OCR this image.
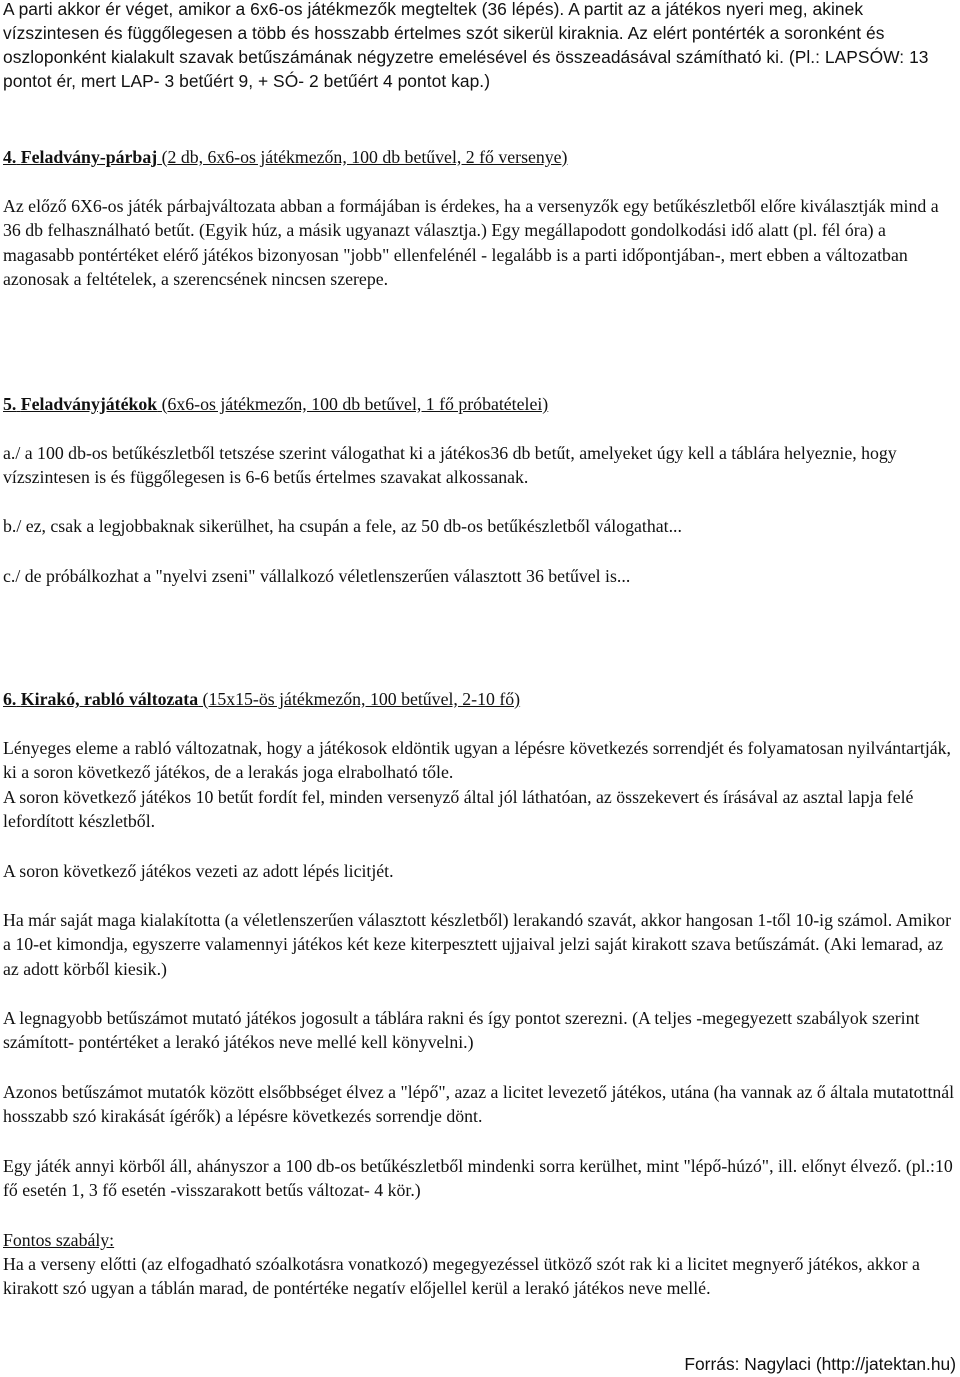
A parti akkor ér véget, amikor a 6x6-os játékmezők megteltek (36 lépés). A partit az a játékos nyeri meg, akinek vízszintesen és függőlegesen a több és hosszabb értelmes szót sikerül kiraknia. Az elért pontérték a soronként és oszloponként kialakult szavak betűszámának négyzetre emelésével és összeadásával számítható ki. (Pl.: LAPSÓW: 13 pontot ér, mert LAP- 3 betűért 9, + SÓ- 2 betűért 4 pontot kap.)

4. Feladvány-párbaj (2 db, 6x6-os játékmezőn, 100 db betűvel, 2 fő versenye)

Az előző 6X6-os játék párbajváltozata abban a formájában is érdekes, ha a versenyzők egy betűkészletből előre kiválasztják mind a 36 db felhasználható betűt. (Egyik húz, a másik ugyanazt választja.) Egy megállapodott gondolkodási idő alatt (pl. fél óra) a magasabb pontértéket elérő játékos bizonyosan "jobb" ellenfelénél - legalább is a parti időpontjában-, mert ebben a változatban azonosak a feltételek, a szerencsének nincsen szerepe.

5. Feladványjátékok (6x6-os játékmezőn, 100 db betűvel, 1 fő próbatételei)

a./ a 100 db-os betűkészletből tetszése szerint válogathat ki a játékos36 db betűt, amelyeket úgy kell a táblára helyeznie, hogy vízszintesen is és függőlegesen is 6-6 betűs értelmes szavakat alkossanak.

b./ ez, csak a legjobbaknak sikerülhet, ha csupán a fele, az 50 db-os betűkészletből válogathat...

c./ de próbálkozhat a "nyelvi zseni" vállalkozó véletlenszerűen választott 36 betűvel is...

6. Kirakó, rabló változata (15x15-ös játékmezőn, 100 betűvel, 2-10 fő)

Lényeges eleme a rabló változatnak, hogy a játékosok eldöntik ugyan a lépésre következés sorrendjét és folyamatosan nyilvántartják, ki a soron következő játékos, de a lerakás joga elrabolható tőle.

A soron következő játékos 10 betűt fordít fel, minden versenyző által jól láthatóan, az összekevert és írásával az asztal lapja felé lefordított készletből.

A soron következő játékos vezeti az adott lépés licitjét.

Ha már saját maga kialakította (a véletlenszerűen választott készletből) lerakandó szavát, akkor hangosan 1-től 10-ig számol. Amikor a 10-et kimondja, egyszerre valamennyi játékos két keze kiterpesztett ujjaival jelzi saját kirakott szava betűszámát. (Aki lemarad, az az adott körből kiesik.)

A legnagyobb betűszámot mutató játékos jogosult a táblára rakni és így pontot szerezni. (A teljes -megegyezett szabályok szerint számított- pontértéket a lerakó játékos neve mellé kell könyvelni.)

Azonos betűszámot mutatók között elsőbbséget élvez a "lépő", azaz a licitet levezető játékos, utána (ha vannak az ő általa mutatottnál hosszabb szó kirakását ígérők) a lépésre következés sorrendje dönt.

Egy játék annyi körből áll, ahányszor a 100 db-os betűkészletből mindenki sorra kerülhet, mint "lépő-húzó", ill. előnyt élvező. (pl.:10 fő esetén 1, 3 fő esetén -visszarakott betűs változat- 4 kör.)

Fontos szabály:

Ha a verseny előtti (az elfogadható szóalkotásra vonatkozó) megegyezéssel ütköző szót rak ki a licitet megnyerő játékos, akkor a kirakott szó ugyan a táblán marad, de pontértéke negatív előjellel kerül a lerakó játékos neve mellé.

Forrás: Nagylaci (http://jatektan.hu)
